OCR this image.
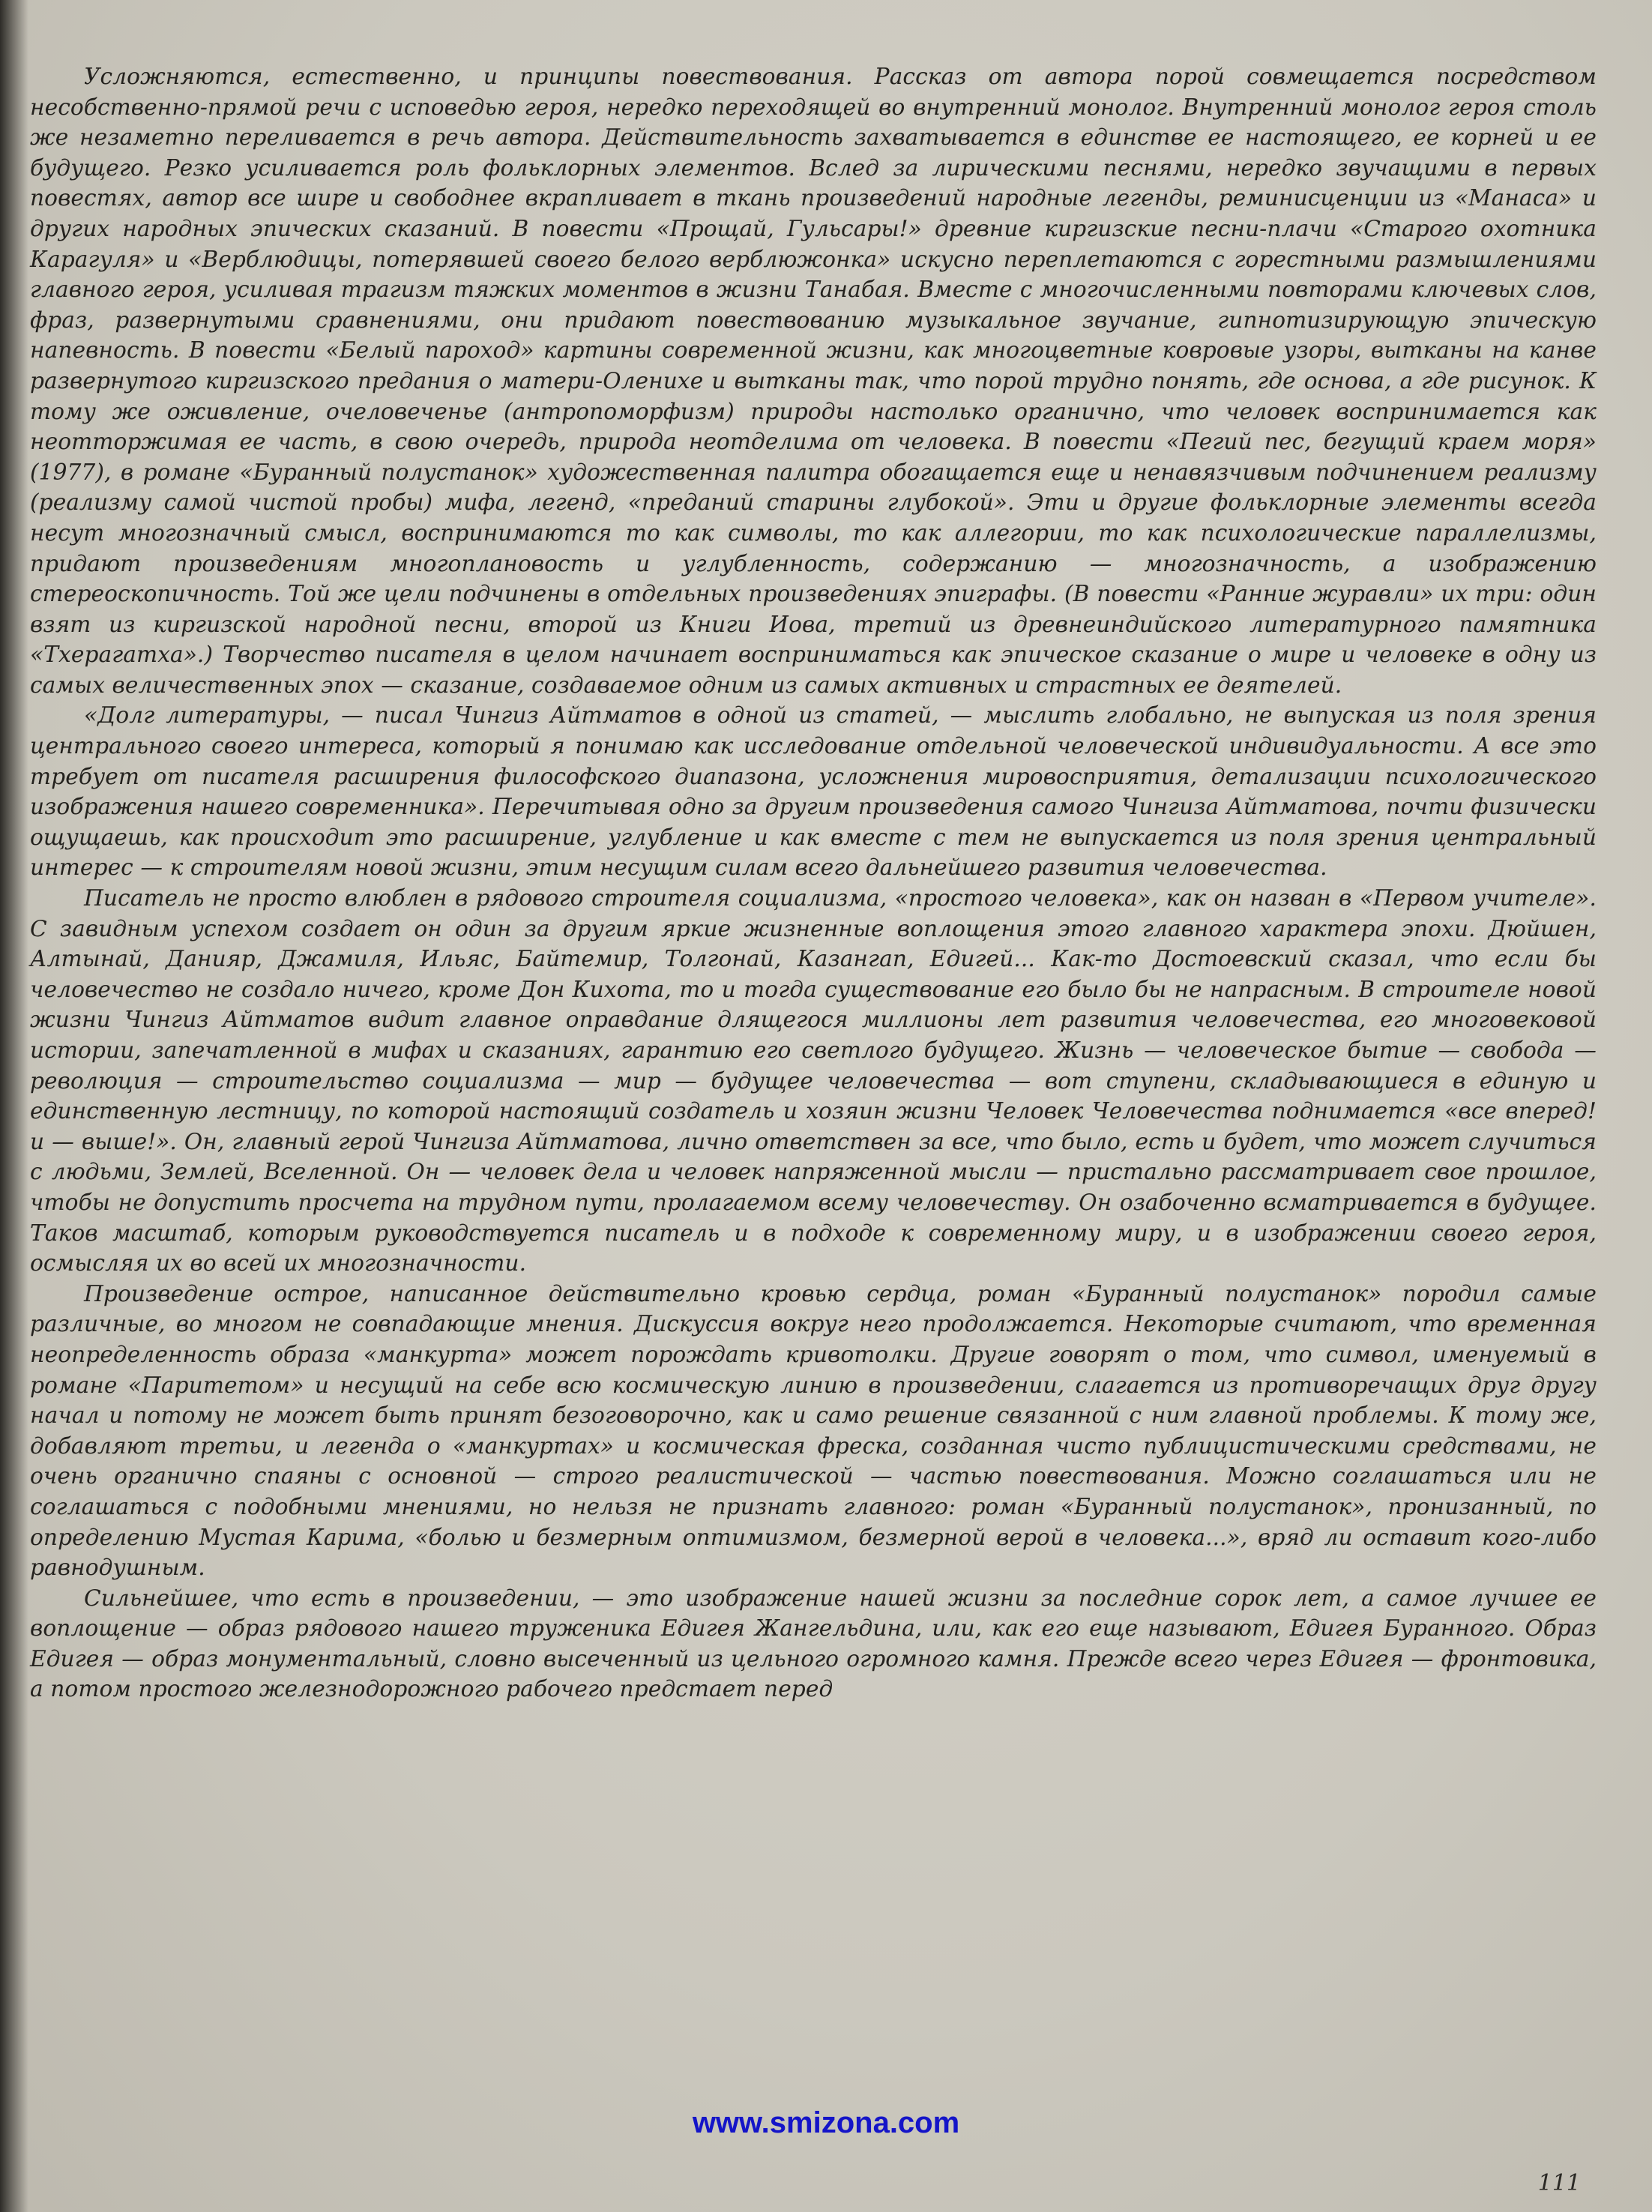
Усложняются, естественно, и принципы повествования. Рассказ от автора порой совмещается посредством несобственно-прямой речи с исповедью героя, нередко переходящей во внутренний монолог. Внутренний монолог героя столь же незаметно переливается в речь автора. Действительность захватывается в единстве ее настоящего, ее корней и ее будущего. Резко усиливается роль фольклорных элементов. Вслед за лирическими песнями, нередко звучащими в первых повестях, автор все шире и свободнее вкрапливает в ткань произведений народные легенды, реминисценции из «Манаса» и других народных эпических сказаний. В повести «Прощай, Гульсары!» древние киргизские песни-плачи «Старого охотника Карагуля» и «Верблюдицы, потерявшей своего белого верблюжонка» искусно переплетаются с горестными размышлениями главного героя, усиливая трагизм тяжких моментов в жизни Танабая. Вместе с многочисленными повторами ключевых слов, фраз, развернутыми сравнениями, они придают повествованию музыкальное звучание, гипнотизирующую эпическую напевность. В повести «Белый пароход» картины современной жизни, как многоцветные ковровые узоры, вытканы на канве развернутого киргизского предания о матери-Оленихе и вытканы так, что порой трудно понять, где основа, а где рисунок. К тому же оживление, очеловеченье (антропоморфизм) природы настолько органично, что человек воспринимается как неотторжимая ее часть, в свою очередь, природа неотделима от человека. В повести «Пегий пес, бегущий краем моря» (1977), в романе «Буранный полустанок» художественная палитра обогащается еще и ненавязчивым подчинением реализму (реализму самой чистой пробы) мифа, легенд, «преданий старины глубокой». Эти и другие фольклорные элементы всегда несут многозначный смысл, воспринимаются то как символы, то как аллегории, то как психологические параллелизмы, придают произведениям многоплановость и углубленность, содержанию — многозначность, а изображению стереоскопичность. Той же цели подчинены в отдельных произведениях эпиграфы. (В повести «Ранние журавли» их три: один взят из киргизской народной песни, второй из Книги Иова, третий из древнеиндийского литературного памятника «Тхерагатха».) Творчество писателя в целом начинает восприниматься как эпическое сказание о мире и человеке в одну из самых величественных эпох — сказание, создаваемое одним из самых активных и страстных ее деятелей.

«Долг литературы, — писал Чингиз Айтматов в одной из статей, — мыслить глобально, не выпуская из поля зрения центрального своего интереса, который я понимаю как исследование отдельной человеческой индивидуальности. А все это требует от писателя расширения философского диапазона, усложнения мировосприятия, детализации психологического изображения нашего современника». Перечитывая одно за другим произведения самого Чингиза Айтматова, почти физически ощущаешь, как происходит это расширение, углубление и как вместе с тем не выпускается из поля зрения центральный интерес — к строителям новой жизни, этим несущим силам всего дальнейшего развития человечества.

Писатель не просто влюблен в рядового строителя социализма, «простого человека», как он назван в «Первом учителе». С завидным успехом создает он один за другим яркие жизненные воплощения этого главного характера эпохи. Дюйшен, Алтынай, Данияр, Джамиля, Ильяс, Байтемир, Толгонай, Казангап, Едигей... Как-то Достоевский сказал, что если бы человечество не создало ничего, кроме Дон Кихота, то и тогда существование его было бы не напрасным. В строителе новой жизни Чингиз Айтматов видит главное оправдание длящегося миллионы лет развития человечества, его многовековой истории, запечатленной в мифах и сказаниях, гарантию его светлого будущего. Жизнь — человеческое бытие — свобода — революция — строительство социализма — мир — будущее человечества — вот ступени, складывающиеся в единую и единственную лестницу, по которой настоящий создатель и хозяин жизни Человек Человечества поднимается «все вперед! и — выше!». Он, главный герой Чингиза Айтматова, лично ответствен за все, что было, есть и будет, что может случиться с людьми, Землей, Вселенной. Он — человек дела и человек напряженной мысли — пристально рассматривает свое прошлое, чтобы не допустить просчета на трудном пути, пролагаемом всему человечеству. Он озабоченно всматривается в будущее. Таков масштаб, которым руководствуется писатель и в подходе к современному миру, и в изображении своего героя, осмысляя их во всей их многозначности.

Произведение острое, написанное действительно кровью сердца, роман «Буранный полустанок» породил самые различные, во многом не совпадающие мнения. Дискуссия вокруг него продолжается. Некоторые считают, что временная неопределенность образа «манкурта» может порождать кривотолки. Другие говорят о том, что символ, именуемый в романе «Паритетом» и несущий на себе всю космическую линию в произведении, слагается из противоречащих друг другу начал и потому не может быть принят безоговорочно, как и само решение связанной с ним главной проблемы. К тому же, добавляют третьи, и легенда о «манкуртах» и космическая фреска, созданная чисто публицистическими средствами, не очень органично спаяны с основной — строго реалистической — частью повествования. Можно соглашаться или не соглашаться с подобными мнениями, но нельзя не признать главного: роман «Буранный полустанок», пронизанный, по определению Мустая Карима, «болью и безмерным оптимизмом, безмерной верой в человека...», вряд ли оставит кого-либо равнодушным.

Сильнейшее, что есть в произведении, — это изображение нашей жизни за последние сорок лет, а самое лучшее ее воплощение — образ рядового нашего труженика Едигея Жангельдина, или, как его еще называют, Едигея Буранного. Образ Едигея — образ монументальный, словно высеченный из цельного огромного камня. Прежде всего через Едигея — фронтовика, а потом простого железнодорожного рабочего предстает перед

www.smizona.com
111
